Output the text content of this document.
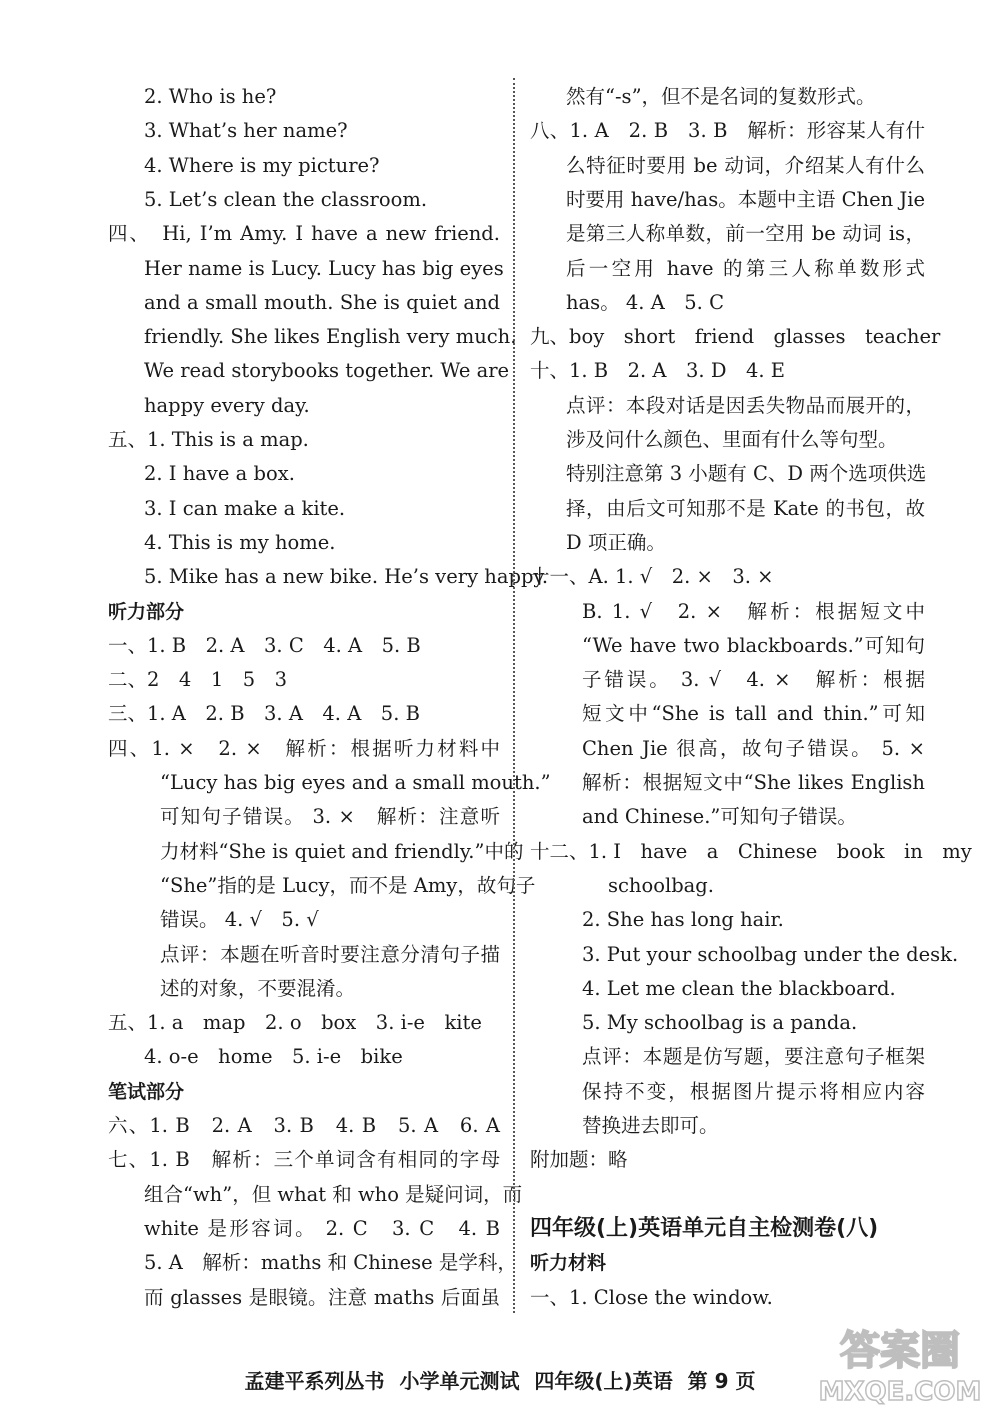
2. Who is he?
3. What’s her name?
4. Where is my picture?
5. Let’s clean the classroom.
四、　Hi, I’m Amy. I have a new friend.
Her name is Lucy. Lucy has big eyes
and a small mouth. She is quiet and
friendly. She likes English very much.
We read storybooks together. We are
happy every day.
五、1. This is a map.
2. I have a box.
3. I can make a kite.
4. This is my home.
5. Mike has a new bike. He’s very happy.
听力部分
一、1. B　2. A　3. C　4. A　5. B
二、2　4　1　5　3
三、1. A　2. B　3. A　4. A　5. B
四、1. ×　2. ×　解析：根据听力材料中
“Lucy has big eyes and a small mouth.”
可知句子错误。 3. ×　解析：注意听
力材料“She is quiet and friendly.”中的
“She”指的是 Lucy，而不是 Amy，故句子
错误。 4. √　5. √
点评：本题在听音时要注意分清句子描
述的对象，不要混淆。
五、1. a　map　2. o　box　3. i-e　kite
4. o-e　home　5. i-e　bike
笔试部分
六、1. B　2. A　3. B　4. B　5. A　6. A
七、1. B　解析：三个单词含有相同的字母
组合“wh”，但 what 和 who 是疑问词，而
white 是形容词。 2. C　3. C　4. B
5. A　解析：maths 和 Chinese 是学科，
而 glasses 是眼镜。注意 maths 后面虽
然有“-s”，但不是名词的复数形式。
八、1. A　2. B　3. B　解析：形容某人有什
么特征时要用 be 动词，介绍某人有什么
时要用 have/has。本题中主语 Chen Jie
是第三人称单数，前一空用 be 动词 is，
后一空用 have 的第三人称单数形式
has。 4. A　5. C
九、boy　short　friend　glasses　teacher
十、1. B　2. A　3. D　4. E
点评：本段对话是因丢失物品而展开的，
涉及问什么颜色、里面有什么等句型。
特别注意第 3 小题有 C、D 两个选项供选
择，由后文可知那不是 Kate 的书包，故
D 项正确。
十一、A. 1. √　2. ×　3. ×
B. 1. √　2. ×　解析：根据短文中
“We have two blackboards.”可知句
子错误。 3. √　4. ×　解析：根据
短文中“She is tall and thin.”可知
Chen Jie 很高，故句子错误。 5. ×
解析：根据短文中“She likes English
and Chinese.”可知句子错误。
十二、1. I　have　a　Chinese　book　in　my
schoolbag.
2. She has long hair.
3. Put your schoolbag under the desk.
4. Let me clean the blackboard.
5. My schoolbag is a panda.
点评：本题是仿写题，要注意句子框架
保持不变，根据图片提示将相应内容
替换进去即可。
附加题：略
四年级(上)英语单元自主检测卷(八)
听力材料
一、1. Close the window.
孟建平系列丛书 小学单元测试 四年级(上)英语 第 9 页
答案圈
MXQE.COM
